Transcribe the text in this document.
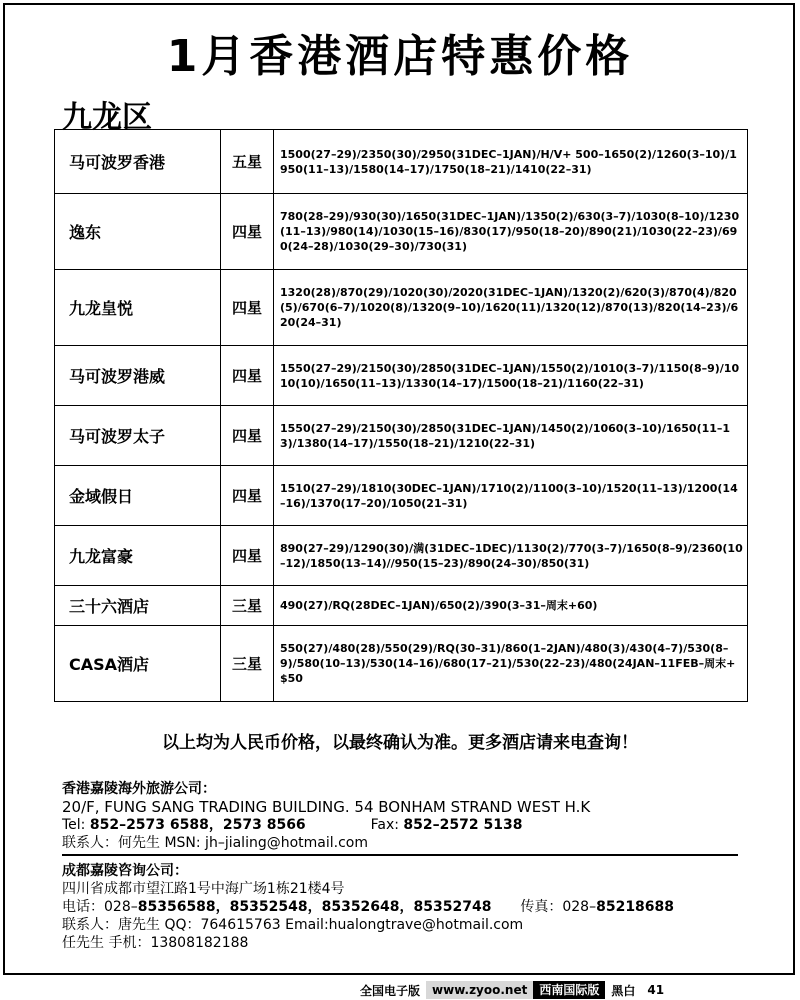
1月香港酒店特惠价格
九龙区
马可波罗香港	五星	1500(27–29)/2350(30)/2950(31DEC–1JAN)/H/V+ 500–1650(2)/1260(3–10)/1950(11–13)/1580(14–17)/1750(18–21)/1410(22–31)
逸东	四星	780(28–29)/930(30)/1650(31DEC–1JAN)/1350(2)/630(3–7)/1030(8–10)/1230(11–13)/980(14)/1030(15–16)/830(17)/950(18–20)/890(21)/1030(22–23)/690(24–28)/1030(29–30)/730(31)
九龙皇悦	四星	1320(28)/870(29)/1020(30)/2020(31DEC–1JAN)/1320(2)/620(3)/870(4)/820(5)/670(6–7)/1020(8)/1320(9–10)/1620(11)/1320(12)/870(13)/820(14–23)/620(24–31)
马可波罗港威	四星	1550(27–29)/2150(30)/2850(31DEC–1JAN)/1550(2)/1010(3–7)/1150(8–9)/1010(10)/1650(11–13)/1330(14–17)/1500(18–21)/1160(22–31)
马可波罗太子	四星	1550(27–29)/2150(30)/2850(31DEC–1JAN)/1450(2)/1060(3–10)/1650(11–13)/1380(14–17)/1550(18–21)/1210(22–31)
金域假日	四星	1510(27–29)/1810(30DEC–1JAN)/1710(2)/1100(3–10)/1520(11–13)/1200(14–16)/1370(17–20)/1050(21–31)
九龙富豪	四星	890(27–29)/1290(30)/满(31DEC–1DEC)/1130(2)/770(3–7)/1650(8–9)/2360(10–12)/1850(13–14)//950(15–23)/890(24–30)/850(31)
三十六酒店	三星	490(27)/RQ(28DEC–1JAN)/650(2)/390(3–31–周末+60)
CASA酒店	三星	550(27)/480(28)/550(29)/RQ(30–31)/860(1–2JAN)/480(3)/430(4–7)/530(8–9)/580(10–13)/530(14–16)/680(17–21)/530(22–23)/480(24JAN–11FEB–周末+$50
以上均为人民币价格，以最终确认为准。更多酒店请来电查询！
香港嘉陵海外旅游公司：
20/F, FUNG SANG TRADING BUILDING. 54 BONHAM STRAND WEST H.K
Tel: 852–2573 6588，2573 8566	Fax: 852–2572 5138
联系人：何先生 MSN: jh–jialing@hotmail.com
成都嘉陵咨询公司：
四川省成都市望江路1号中海广场1栋21楼4号
电话：028–85356588，85352548，85352648，85352748 传真：028–85218688
联系人：唐先生 QQ：764615763 Email:hualongtrave@hotmail.com
任先生 手机：13808182188
全国电子版	www.zyoo.net	西南国际版	黑白	41
